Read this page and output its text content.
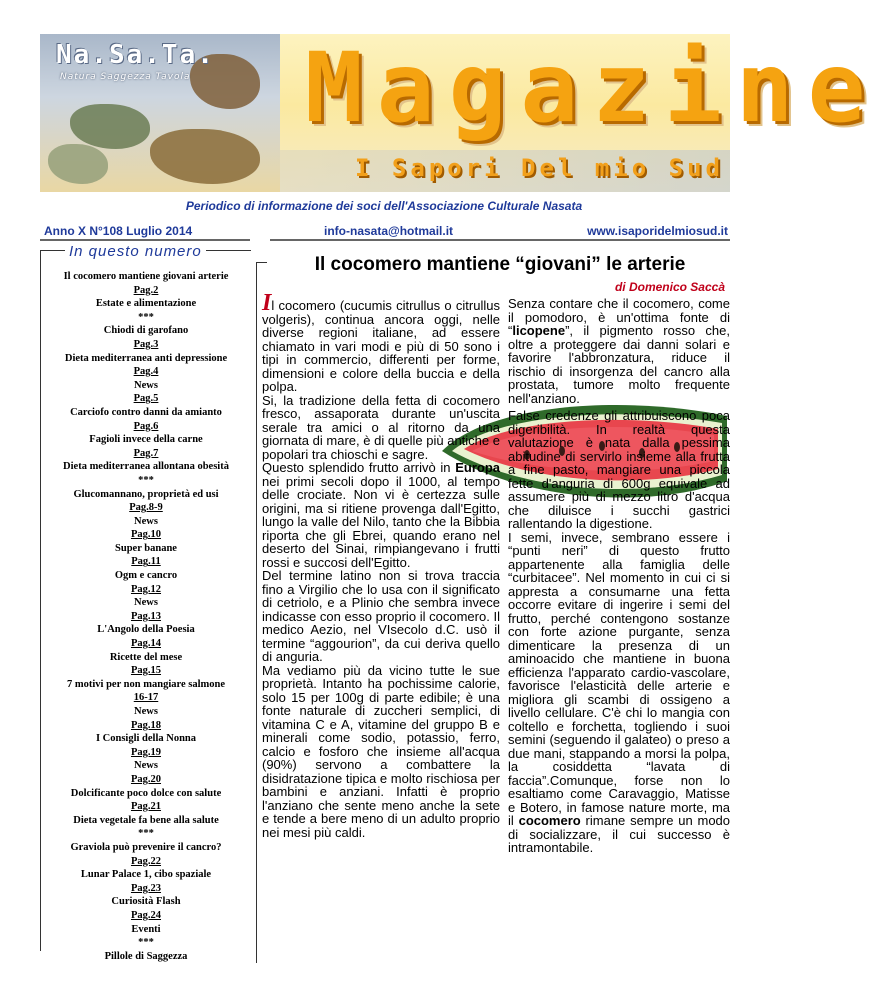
Na.Sa.Ta.
Natura Saggezza Tavola Magazine
I Sapori Del mio Sud
Periodico di informazione dei soci dell'Associazione Culturale Nasata
Anno X N°108 Luglio 2014	info-nasata@hotmail.it	www.isaporidelmiosud.it
In questo numero
Il cocomero mantiene giovani arterie
Pag.2
Estate e alimentazione
***
Chiodi di garofano
Pag.3
Dieta mediterranea anti depressione
Pag.4
News
Pag.5
Carciofo contro danni da amianto
Pag.6
Fagioli invece della carne
Pag.7
Dieta mediterranea allontana obesità
***
Glucomannano, proprietà ed usi
Pag.8-9
News
Pag.10
Super banane
Pag.11
Ogm e cancro
Pag.12
News
Pag.13
L'Angolo della Poesia
Pag.14
Ricette del mese
Pag.15
7 motivi per non mangiare salmone
16-17
News
Pag.18
I Consigli della Nonna
Pag.19
News
Pag.20
Dolcificante poco dolce con salute
Pag.21
Dieta vegetale fa bene alla salute
***
Graviola può prevenire il cancro?
Pag.22
Lunar Palace 1, cibo spaziale
Pag.23
Curiosità Flash
Pag.24
Eventi
***
Pillole di Saggezza
Il cocomero mantiene “giovani” le arterie
di Domenico Saccà

Il cocomero (cucumis citrullus o citrullus volgeris), continua ancora oggi, nelle diverse regioni italiane, ad essere chiamato in vari modi e più di 50 sono i tipi in commercio, differenti per forme, dimensioni e colore della buccia e della polpa.

Si, la tradizione della fetta di cocomero fresco, assaporata durante un'uscita serale tra amici o al ritorno da una giornata di mare, è di quelle più antiche e popolari tra chioschi e sagre.

Questo splendido frutto arrivò in Europa nei primi secoli dopo il 1000, al tempo delle crociate. Non vi è certezza sulle origini, ma si ritiene provenga dall'Egitto, lungo la valle del Nilo, tanto che la Bibbia riporta che gli Ebrei, quando erano nel deserto del Sinai, rimpiangevano i frutti rossi e succosi dell'Egitto.

Del termine latino non si trova traccia fino a Virgilio che lo usa con il significato di cetriolo, e a Plinio che sembra invece indicasse con esso proprio il cocomero. Il medico Aezio, nel VIsecolo d.C. usò il termine “aggourion”, da cui deriva quello di anguria.

Ma vediamo più da vicino tutte le sue proprietà. Intanto ha pochissime calorie, solo 15 per 100g di parte edibile; è una fonte naturale di zuccheri semplici, di vitamina C e A, vitamine del gruppo B e minerali come sodio, potassio, ferro, calcio e fosforo che insieme all'acqua (90%) servono a combattere la disidratazione tipica e molto rischiosa per bambini e anziani. Infatti è proprio l'anziano che sente meno anche la sete e tende a bere meno di un adulto proprio nei mesi più caldi.

Senza contare che il cocomero, come il pomodoro, è un'ottima fonte di “licopene”, il pigmento rosso che, oltre a proteggere dai danni solari e favorire l'abbronzatura, riduce il rischio di insorgenza del cancro alla prostata, tumore molto frequente nell'anziano.

False credenze gli attribuiscono poca digeribilità. In realtà questa valutazione è nata dalla pessima abitudine di servirlo insieme alla frutta a fine pasto, mangiare una piccola fette d'anguria di 600g equivale ad assumere più di mezzo litro d'acqua che diluisce i succhi gastrici rallentando la digestione.

I semi, invece, sembrano essere i “punti neri” di questo frutto appartenente alla famiglia delle “curbitacee”. Nel momento in cui ci si appresta a consumarne una fetta occorre evitare di ingerire i semi del frutto, perché contengono sostanze con forte azione purgante, senza dimenticare la presenza di un aminoacido che mantiene in buona efficienza l'apparato cardio-vascolare, favorisce l'elasticità delle arterie e migliora gli scambi di ossigeno a livello cellulare. C'è chi lo mangia con coltello e forchetta, togliendo i suoi semini (seguendo il galateo) o preso a due mani, stappando a morsi la polpa, la cosiddetta “lavata di faccia”.Comunque, forse non lo esaltiamo come Caravaggio, Matisse e Botero, in famose nature morte, ma il cocomero rimane sempre un modo di socializzare, il cui successo è intramontabile.
